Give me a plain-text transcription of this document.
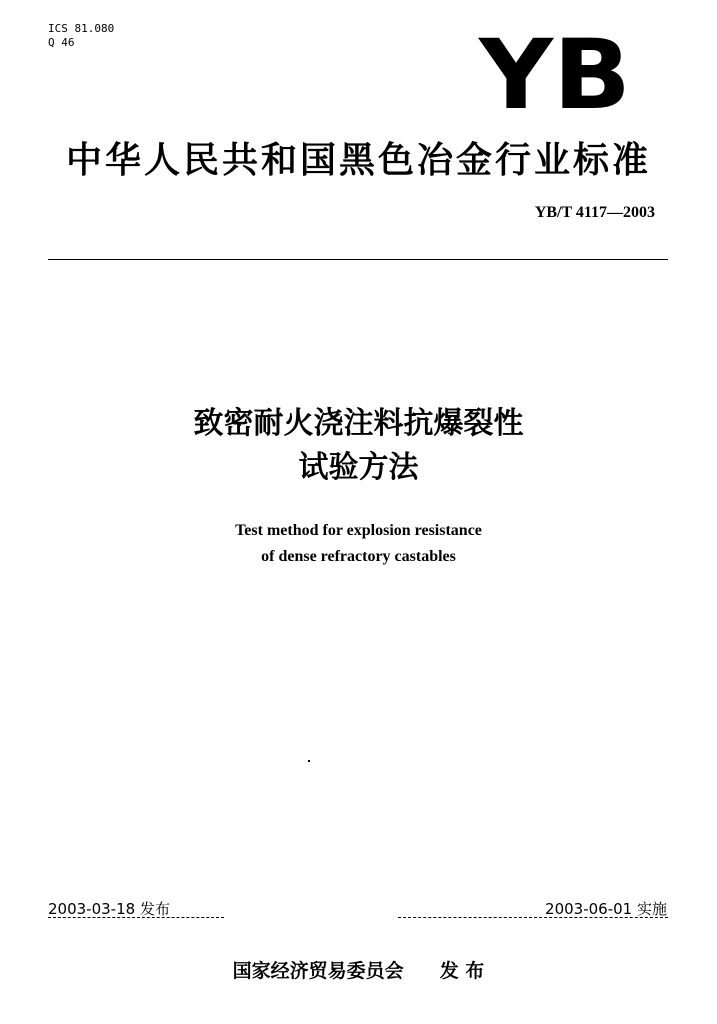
ICS 81.080
Q 46	YB
中华人民共和国黑色冶金行业标准
YB/T 4117—2003
致密耐火浇注料抗爆裂性
试验方法
Test method for explosion resistance
of dense refractory castables
2003-03-18 发布	2003-06-01 实施
国家经济贸易委员会 发 布
